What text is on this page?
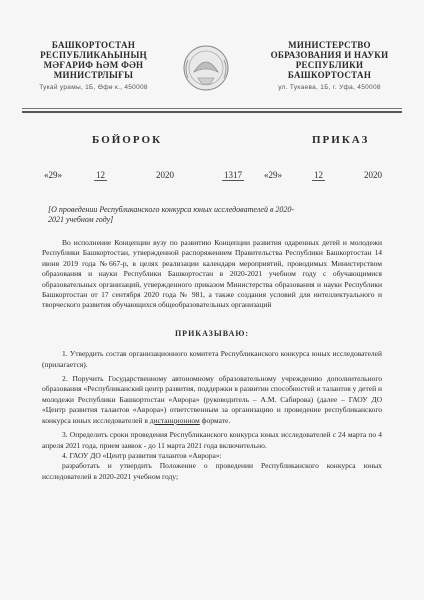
БАШКОРТОСТАН
РЕСПУБЛИКАҺЫНЫҢ
МӘҒАРИФ ҺӘМ ФӘН
МИНИСТРЛЫҒЫ
Тукай урамы, 1Б, Өфө к., 450008
МИНИСТЕРСТВО
ОБРАЗОВАНИЯ И НАУКИ
РЕСПУБЛИКИ
БАШКОРТОСТАН
ул. Тукаева, 1Б, г. Уфа, 450008
БОЙОРОК	ПРИКАЗ
«29»	12	2020	1317 «29»	12	2020
[О проведении Республиканского конкурса юных исследователей в 2020-2021 учебном году]

Во исполнение Концепции вузу по развитию Концепции развития одаренных детей и молодежи Республики Башкортостан, утвержденной распоряжением Правительства Республики Башкортостан 14 июня 2019 года №667-р, в целях реализации календаря мероприятий, проводимых Министерством образования и науки Республики Башкортостан в 2020-2021 учебном году с обучающимися образовательных организаций, утвержденного приказом Министерства образования и науки Республики Башкортостан от 17 сентября 2020 года № 981, а также создания условий для интеллектуального и творческого развития обучающихся общеобразовательных организаций

ПРИКАЗЫВАЮ:

1. Утвердить состав организационного комитета Республиканского конкурса юных исследователей (прилагается).

2. Поручить Государственному автономному образовательному учреждению дополнительного образования «Республиканский центр развития, поддержки в развитии способностей и талантов у детей и молодежи Республики Башкортостан «Аврора» (руководитель – А.М. Сабирова) (далее – ГАОУ ДО «Центр развития талантов «Аврора») ответственным за организацию и проведение республиканского конкурса юных исследователей в дистанционном формате.

3. Определить сроки проведения Республиканского конкурса юных исследователей с 24 марта по 4 апреля 2021 года, прием заявок - до 11 марта 2021 года включительно.

4. ГАОУ ДО «Центр развития талантов «Аврора»:

разработать и утвердить Положение о проведении Республиканского конкурса юных исследователей в 2020-2021 учебном году;
